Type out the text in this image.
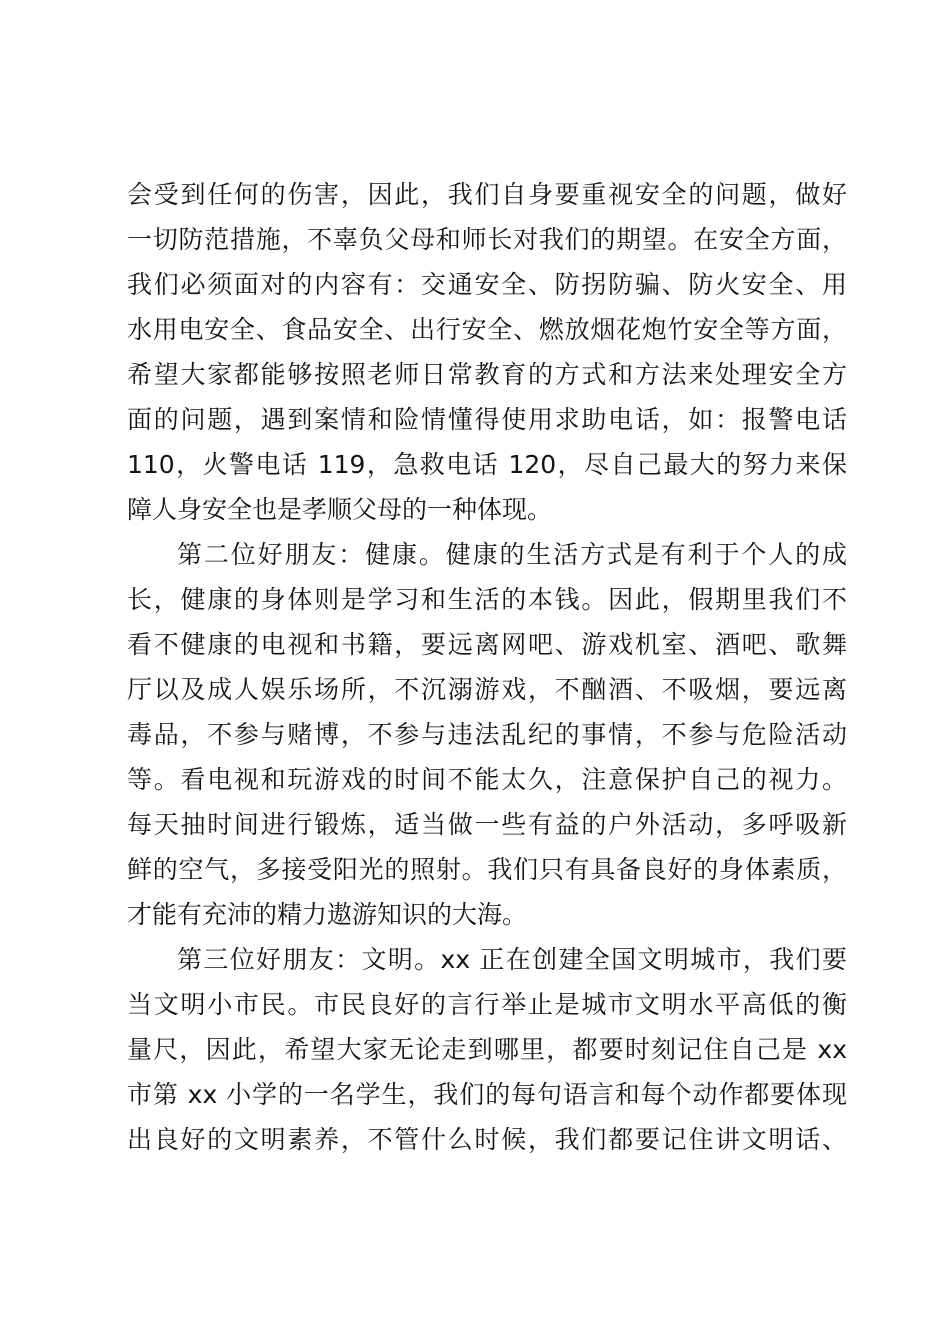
会受到任何的伤害，因此，我们自身要重视安全的问题，做好
一切防范措施，不辜负父母和师长对我们的期望。在安全方面，
我们必须面对的内容有：交通安全、防拐防骗、防火安全、用
水用电安全、食品安全、出行安全、燃放烟花炮竹安全等方面，
希望大家都能够按照老师日常教育的方式和方法来处理安全方
面的问题，遇到案情和险情懂得使用求助电话，如：报警电话
110，火警电话 119，急救电话 120，尽自己最大的努力来保
障人身安全也是孝顺父母的一种体现。
第二位好朋友：健康。健康的生活方式是有利于个人的成
长，健康的身体则是学习和生活的本钱。因此，假期里我们不
看不健康的电视和书籍，要远离网吧、游戏机室、酒吧、歌舞
厅以及成人娱乐场所，不沉溺游戏，不酗酒、不吸烟，要远离
毒品，不参与赌博，不参与违法乱纪的事情，不参与危险活动
等。看电视和玩游戏的时间不能太久，注意保护自己的视力。
每天抽时间进行锻炼，适当做一些有益的户外活动，多呼吸新
鲜的空气，多接受阳光的照射。我们只有具备良好的身体素质，
才能有充沛的精力遨游知识的大海。
第三位好朋友：文明。xx 正在创建全国文明城市，我们要
当文明小市民。市民良好的言行举止是城市文明水平高低的衡
量尺，因此，希望大家无论走到哪里，都要时刻记住自己是 xx
市第 xx 小学的一名学生，我们的每句语言和每个动作都要体现
出良好的文明素养，不管什么时候，我们都要记住讲文明话、
